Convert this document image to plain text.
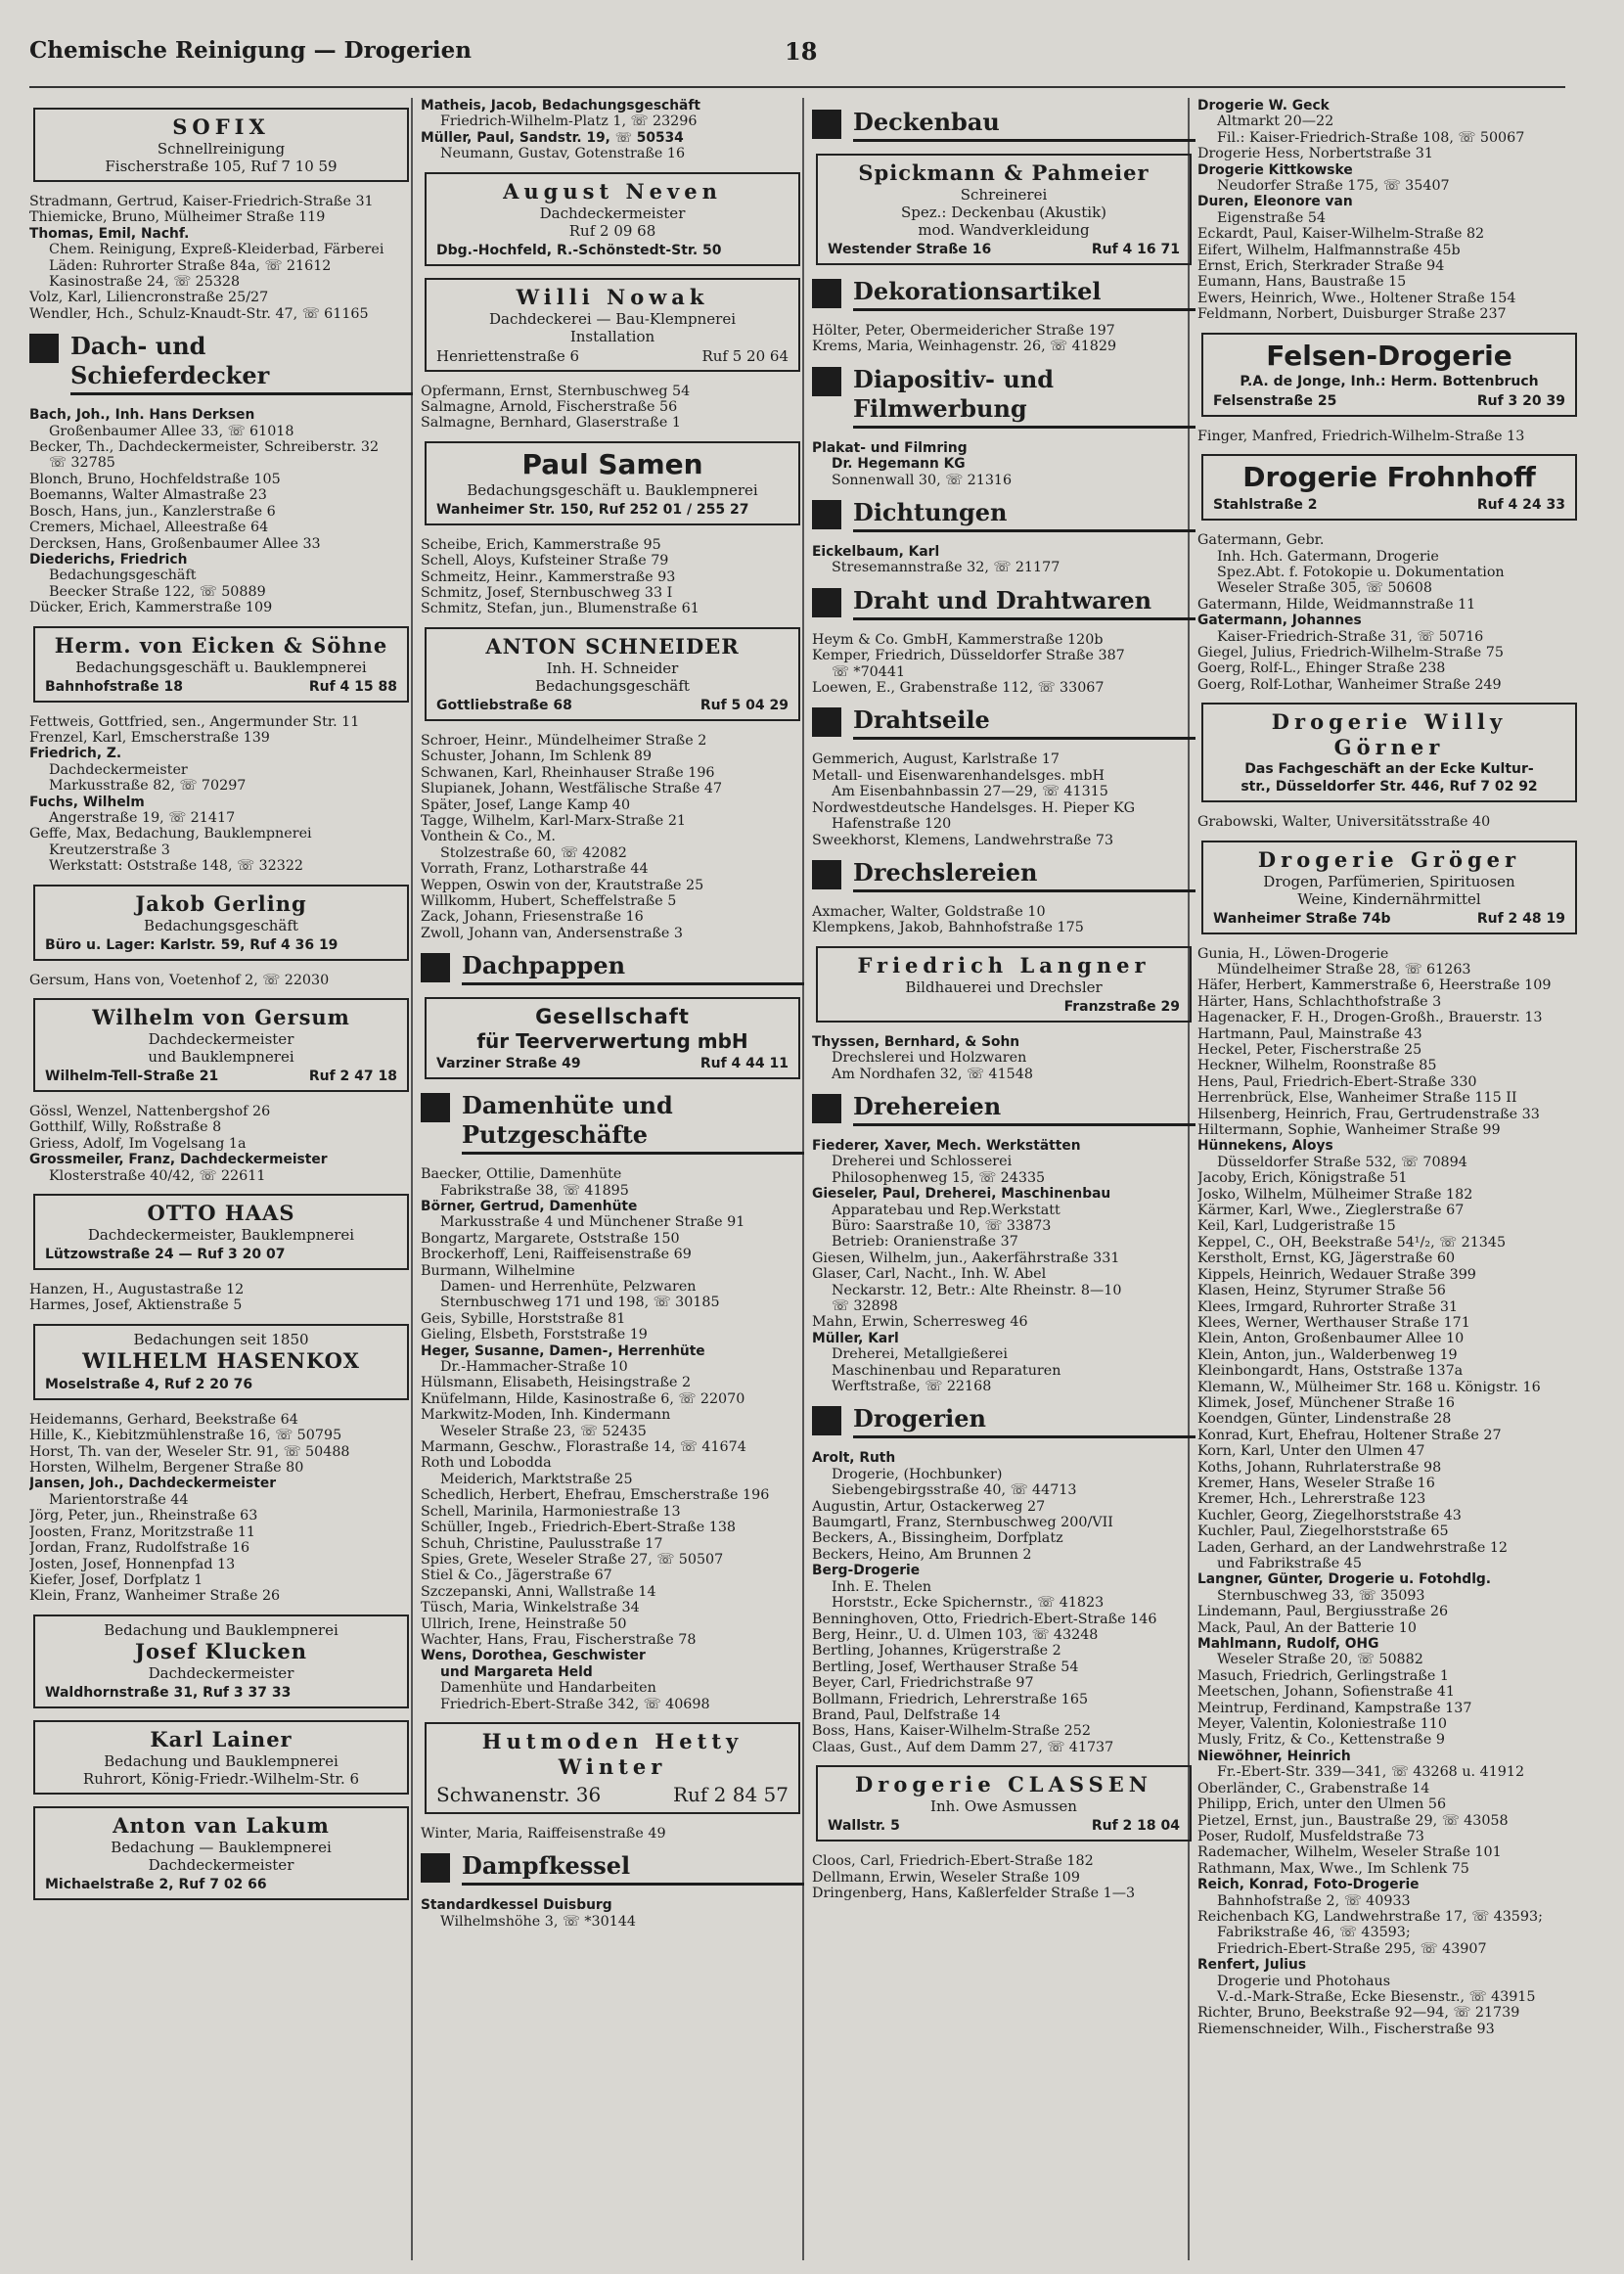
Chemische Reinigung — Drogerien	18
SOFIX
Schnellreinigung
Fischerstraße 105, Ruf 7 10 59
Stradmann, Gertrud, Kaiser-Friedrich-Straße 31
Thiemicke, Bruno, Mülheimer Straße 119
Thomas, Emil, Nachf.
Chem. Reinigung, Expreß-Kleiderbad, Färberei
Läden: Ruhrorter Straße 84a, ☏ 21612
Kasinostraße 24, ☏ 25328
Volz, Karl, Liliencronstraße 25/27
Wendler, Hch., Schulz-Knaudt-Str. 47, ☏ 61165
Dach- und
Schieferdecker
Bach, Joh., Inh. Hans Derksen
Großenbaumer Allee 33, ☏ 61018
Becker, Th., Dachdeckermeister, Schreiberstr. 32
☏ 32785
Blonch, Bruno, Hochfeldstraße 105
Boemanns, Walter Almastraße 23
Bosch, Hans, jun., Kanzlerstraße 6
Cremers, Michael, Alleestraße 64
Dercksen, Hans, Großenbaumer Allee 33
Diederichs, Friedrich
Bedachungsgeschäft
Beecker Straße 122, ☏ 50889
Dücker, Erich, Kammerstraße 109
Herm. von Eicken & Söhne
Bedachungsgeschäft u. Bauklempnerei
Bahnhofstraße 18	Ruf 4 15 88
Fettweis, Gottfried, sen., Angermunder Str. 11
Frenzel, Karl, Emscherstraße 139
Friedrich, Z.
Dachdeckermeister
Markusstraße 82, ☏ 70297
Fuchs, Wilhelm
Angerstraße 19, ☏ 21417
Geffe, Max, Bedachung, Bauklempnerei
Kreutzerstraße 3
Werkstatt: Oststraße 148, ☏ 32322
Jakob Gerling
Bedachungsgeschäft
Büro u. Lager: Karlstr. 59, Ruf 4 36 19
Gersum, Hans von, Voetenhof 2, ☏ 22030
Wilhelm von Gersum
Dachdeckermeister
und Bauklempnerei
Wilhelm-Tell-Straße 21	Ruf 2 47 18
Gössl, Wenzel, Nattenbergshof 26
Gotthilf, Willy, Roßstraße 8
Griess, Adolf, Im Vogelsang 1a
Grossmeiler, Franz, Dachdeckermeister
Klosterstraße 40/42, ☏ 22611
OTTO HAAS
Dachdeckermeister, Bauklempnerei
Lützowstraße 24 — Ruf 3 20 07
Hanzen, H., Augustastraße 12
Harmes, Josef, Aktienstraße 5
Bedachungen seit 1850
WILHELM HASENKOX
Moselstraße 4, Ruf 2 20 76
Heidemanns, Gerhard, Beekstraße 64
Hille, K., Kiebitzmühlenstraße 16, ☏ 50795
Horst, Th. van der, Weseler Str. 91, ☏ 50488
Horsten, Wilhelm, Bergener Straße 80
Jansen, Joh., Dachdeckermeister
Marientorstraße 44
Jörg, Peter, jun., Rheinstraße 63
Joosten, Franz, Moritzstraße 11
Jordan, Franz, Rudolfstraße 16
Josten, Josef, Honnenpfad 13
Kiefer, Josef, Dorfplatz 1
Klein, Franz, Wanheimer Straße 26
Bedachung und Bauklempnerei
Josef Klucken
Dachdeckermeister
Waldhornstraße 31, Ruf 3 37 33
Karl Lainer
Bedachung und Bauklempnerei
Ruhrort, König-Friedr.-Wilhelm-Str. 6
Anton van Lakum
Bedachung — Bauklempnerei
Dachdeckermeister
Michaelstraße 2, Ruf 7 02 66
Matheis, Jacob, Bedachungsgeschäft
Friedrich-Wilhelm-Platz 1, ☏ 23296
Müller, Paul, Sandstr. 19, ☏ 50534
Neumann, Gustav, Gotenstraße 16
August Neven
Dachdeckermeister
Ruf 2 09 68
Dbg.-Hochfeld, R.-Schönstedt-Str. 50
Willi Nowak
Dachdeckerei — Bau-Klempnerei
Installation
Henriettenstraße 6	Ruf 5 20 64
Opfermann, Ernst, Sternbuschweg 54
Salmagne, Arnold, Fischerstraße 56
Salmagne, Bernhard, Glaserstraße 1
Paul Samen
Bedachungsgeschäft u. Bauklempnerei
Wanheimer Str. 150, Ruf 252 01 / 255 27
Scheibe, Erich, Kammerstraße 95
Schell, Aloys, Kufsteiner Straße 79
Schmeitz, Heinr., Kammerstraße 93
Schmitz, Josef, Sternbuschweg 33 I
Schmitz, Stefan, jun., Blumenstraße 61
ANTON SCHNEIDER
Inh. H. Schneider
Bedachungsgeschäft
Gottliebstraße 68	Ruf 5 04 29
Schroer, Heinr., Mündelheimer Straße 2
Schuster, Johann, Im Schlenk 89
Schwanen, Karl, Rheinhauser Straße 196
Slupianek, Johann, Westfälische Straße 47
Später, Josef, Lange Kamp 40
Tagge, Wilhelm, Karl-Marx-Straße 21
Vonthein & Co., M.
Stolzestraße 60, ☏ 42082
Vorrath, Franz, Lotharstraße 44
Weppen, Oswin von der, Krautstraße 25
Willkomm, Hubert, Scheffelstraße 5
Zack, Johann, Friesenstraße 16
Zwoll, Johann van, Andersenstraße 3
Dachpappen
Gesellschaft
für Teerverwertung mbH
Varziner Straße 49	Ruf 4 44 11
Damenhüte und
Putzgeschäfte
Baecker, Ottilie, Damenhüte
Fabrikstraße 38, ☏ 41895
Börner, Gertrud, Damenhüte
Markusstraße 4 und Münchener Straße 91
Bongartz, Margarete, Oststraße 150
Brockerhoff, Leni, Raiffeisenstraße 69
Burmann, Wilhelmine
Damen- und Herrenhüte, Pelzwaren
Sternbuschweg 171 und 198, ☏ 30185
Geis, Sybille, Horststraße 81
Gieling, Elsbeth, Forststraße 19
Heger, Susanne, Damen-, Herrenhüte
Dr.-Hammacher-Straße 10
Hülsmann, Elisabeth, Heisingstraße 2
Knüfelmann, Hilde, Kasinostraße 6, ☏ 22070
Markwitz-Moden, Inh. Kindermann
Weseler Straße 23, ☏ 52435
Marmann, Geschw., Florastraße 14, ☏ 41674
Roth und Lobodda
Meiderich, Marktstraße 25
Schedlich, Herbert, Ehefrau, Emscherstraße 196
Schell, Marinila, Harmoniestraße 13
Schüller, Ingeb., Friedrich-Ebert-Straße 138
Schuh, Christine, Paulusstraße 17
Spies, Grete, Weseler Straße 27, ☏ 50507
Stiel & Co., Jägerstraße 67
Szczepanski, Anni, Wallstraße 14
Tüsch, Maria, Winkelstraße 34
Ullrich, Irene, Heinstraße 50
Wachter, Hans, Frau, Fischerstraße 78
Wens, Dorothea, Geschwister
und Margareta Held
Damenhüte und Handarbeiten
Friedrich-Ebert-Straße 342, ☏ 40698
Hutmoden Hetty Winter
Schwanenstr. 36	Ruf 2 84 57
Winter, Maria, Raiffeisenstraße 49
Dampfkessel
Standardkessel Duisburg
Wilhelmshöhe 3, ☏ *30144
Deckenbau
Spickmann & Pahmeier
Schreinerei
Spez.: Deckenbau (Akustik)
mod. Wandverkleidung
Westender Straße 16	Ruf 4 16 71
Dekorationsartikel
Hölter, Peter, Obermeidericher Straße 197
Krems, Maria, Weinhagenstr. 26, ☏ 41829
Diapositiv- und
Filmwerbung
Plakat- und Filmring
Dr. Hegemann KG
Sonnenwall 30, ☏ 21316
Dichtungen
Eickelbaum, Karl
Stresemannstraße 32, ☏ 21177
Draht und Drahtwaren
Heym & Co. GmbH, Kammerstraße 120b
Kemper, Friedrich, Düsseldorfer Straße 387
☏ *70441
Loewen, E., Grabenstraße 112, ☏ 33067
Drahtseile
Gemmerich, August, Karlstraße 17
Metall- und Eisenwarenhandelsges. mbH
Am Eisenbahnbassin 27—29, ☏ 41315
Nordwestdeutsche Handelsges. H. Pieper KG
Hafenstraße 120
Sweekhorst, Klemens, Landwehrstraße 73
Drechslereien
Axmacher, Walter, Goldstraße 10
Klempkens, Jakob, Bahnhofstraße 175
Friedrich Langner
Bildhauerei und Drechsler
Franzstraße 29
Thyssen, Bernhard, & Sohn
Drechslerei und Holzwaren
Am Nordhafen 32, ☏ 41548
Drehereien
Fiederer, Xaver, Mech. Werkstätten
Dreherei und Schlosserei
Philosophenweg 15, ☏ 24335
Gieseler, Paul, Dreherei, Maschinenbau
Apparatebau und Rep.Werkstatt
Büro: Saarstraße 10, ☏ 33873
Betrieb: Oranienstraße 37
Giesen, Wilhelm, jun., Aakerfährstraße 331
Glaser, Carl, Nacht., Inh. W. Abel
Neckarstr. 12, Betr.: Alte Rheinstr. 8—10
☏ 32898
Mahn, Erwin, Scherresweg 46
Müller, Karl
Dreherei, Metallgießerei
Maschinenbau und Reparaturen
Werftstraße, ☏ 22168
Drogerien
Arolt, Ruth
Drogerie, (Hochbunker)
Siebengebirgsstraße 40, ☏ 44713
Augustin, Artur, Ostackerweg 27
Baumgartl, Franz, Sternbuschweg 200/VII
Beckers, A., Bissingheim, Dorfplatz
Beckers, Heino, Am Brunnen 2
Berg-Drogerie
Inh. E. Thelen
Horststr., Ecke Spichernstr., ☏ 41823
Benninghoven, Otto, Friedrich-Ebert-Straße 146
Berg, Heinr., U. d. Ulmen 103, ☏ 43248
Bertling, Johannes, Krügerstraße 2
Bertling, Josef, Werthauser Straße 54
Beyer, Carl, Friedrichstraße 97
Bollmann, Friedrich, Lehrerstraße 165
Brand, Paul, Delfstraße 14
Boss, Hans, Kaiser-Wilhelm-Straße 252
Claas, Gust., Auf dem Damm 27, ☏ 41737
Drogerie CLASSEN
Inh. Owe Asmussen
Wallstr. 5	Ruf 2 18 04
Cloos, Carl, Friedrich-Ebert-Straße 182
Dellmann, Erwin, Weseler Straße 109
Dringenberg, Hans, Kaßlerfelder Straße 1—3
Drogerie W. Geck
Altmarkt 20—22
Fil.: Kaiser-Friedrich-Straße 108, ☏ 50067
Drogerie Hess, Norbertstraße 31
Drogerie Kittkowske
Neudorfer Straße 175, ☏ 35407
Duren, Eleonore van
Eigenstraße 54
Eckardt, Paul, Kaiser-Wilhelm-Straße 82
Eifert, Wilhelm, Halfmannstraße 45b
Ernst, Erich, Sterkrader Straße 94
Eumann, Hans, Baustraße 15
Ewers, Heinrich, Wwe., Holtener Straße 154
Feldmann, Norbert, Duisburger Straße 237
Felsen-Drogerie
P.A. de Jonge, Inh.: Herm. Bottenbruch
Felsenstraße 25	Ruf 3 20 39
Finger, Manfred, Friedrich-Wilhelm-Straße 13
Drogerie Frohnhoff
Stahlstraße 2	Ruf 4 24 33
Gatermann, Gebr.
Inh. Hch. Gatermann, Drogerie
Spez.Abt. f. Fotokopie u. Dokumentation
Weseler Straße 305, ☏ 50608
Gatermann, Hilde, Weidmannstraße 11
Gatermann, Johannes
Kaiser-Friedrich-Straße 31, ☏ 50716
Giegel, Julius, Friedrich-Wilhelm-Straße 75
Goerg, Rolf-L., Ehinger Straße 238
Goerg, Rolf-Lothar, Wanheimer Straße 249
Drogerie Willy Görner
Das Fachgeschäft an der Ecke Kultur-
str., Düsseldorfer Str. 446, Ruf 7 02 92
Grabowski, Walter, Universitätsstraße 40
Drogerie Gröger
Drogen, Parfümerien, Spirituosen
Weine, Kindernährmittel
Wanheimer Straße 74b	Ruf 2 48 19
Gunia, H., Löwen-Drogerie
Mündelheimer Straße 28, ☏ 61263
Häfer, Herbert, Kammerstraße 6, Heerstraße 109
Härter, Hans, Schlachthofstraße 3
Hagenacker, F. H., Drogen-Großh., Brauerstr. 13
Hartmann, Paul, Mainstraße 43
Heckel, Peter, Fischerstraße 25
Heckner, Wilhelm, Roonstraße 85
Hens, Paul, Friedrich-Ebert-Straße 330
Herrenbrück, Else, Wanheimer Straße 115 II
Hilsenberg, Heinrich, Frau, Gertrudenstraße 33
Hiltermann, Sophie, Wanheimer Straße 99
Hünnekens, Aloys
Düsseldorfer Straße 532, ☏ 70894
Jacoby, Erich, Königstraße 51
Josko, Wilhelm, Mülheimer Straße 182
Kärmer, Karl, Wwe., Zieglerstraße 67
Keil, Karl, Ludgeristraße 15
Keppel, C., OH, Beekstraße 54¹/₂, ☏ 21345
Kerstholt, Ernst, KG, Jägerstraße 60
Kippels, Heinrich, Wedauer Straße 399
Klasen, Heinz, Styrumer Straße 56
Klees, Irmgard, Ruhrorter Straße 31
Klees, Werner, Werthauser Straße 171
Klein, Anton, Großenbaumer Allee 10
Klein, Anton, jun., Walderbenweg 19
Kleinbongardt, Hans, Oststraße 137a
Klemann, W., Mülheimer Str. 168 u. Königstr. 16
Klimek, Josef, Münchener Straße 16
Koendgen, Günter, Lindenstraße 28
Konrad, Kurt, Ehefrau, Holtener Straße 27
Korn, Karl, Unter den Ulmen 47
Koths, Johann, Ruhrlaterstraße 98
Kremer, Hans, Weseler Straße 16
Kremer, Hch., Lehrerstraße 123
Kuchler, Georg, Ziegelhorststraße 43
Kuchler, Paul, Ziegelhorststraße 65
Laden, Gerhard, an der Landwehrstraße 12
und Fabrikstraße 45
Langner, Günter, Drogerie u. Fotohdlg.
Sternbuschweg 33, ☏ 35093
Lindemann, Paul, Bergiusstraße 26
Mack, Paul, An der Batterie 10
Mahlmann, Rudolf, OHG
Weseler Straße 20, ☏ 50882
Masuch, Friedrich, Gerlingstraße 1
Meetschen, Johann, Sofienstraße 41
Meintrup, Ferdinand, Kampstraße 137
Meyer, Valentin, Koloniestraße 110
Musly, Fritz, & Co., Kettenstraße 9
Niewöhner, Heinrich
Fr.-Ebert-Str. 339—341, ☏ 43268 u. 41912
Oberländer, C., Grabenstraße 14
Philipp, Erich, unter den Ulmen 56
Pietzel, Ernst, jun., Baustraße 29, ☏ 43058
Poser, Rudolf, Musfeldstraße 73
Rademacher, Wilhelm, Weseler Straße 101
Rathmann, Max, Wwe., Im Schlenk 75
Reich, Konrad, Foto-Drogerie
Bahnhofstraße 2, ☏ 40933
Reichenbach KG, Landwehrstraße 17, ☏ 43593;
Fabrikstraße 46, ☏ 43593;
Friedrich-Ebert-Straße 295, ☏ 43907
Renfert, Julius
Drogerie und Photohaus
V.-d.-Mark-Straße, Ecke Biesenstr., ☏ 43915
Richter, Bruno, Beekstraße 92—94, ☏ 21739
Riemenschneider, Wilh., Fischerstraße 93
